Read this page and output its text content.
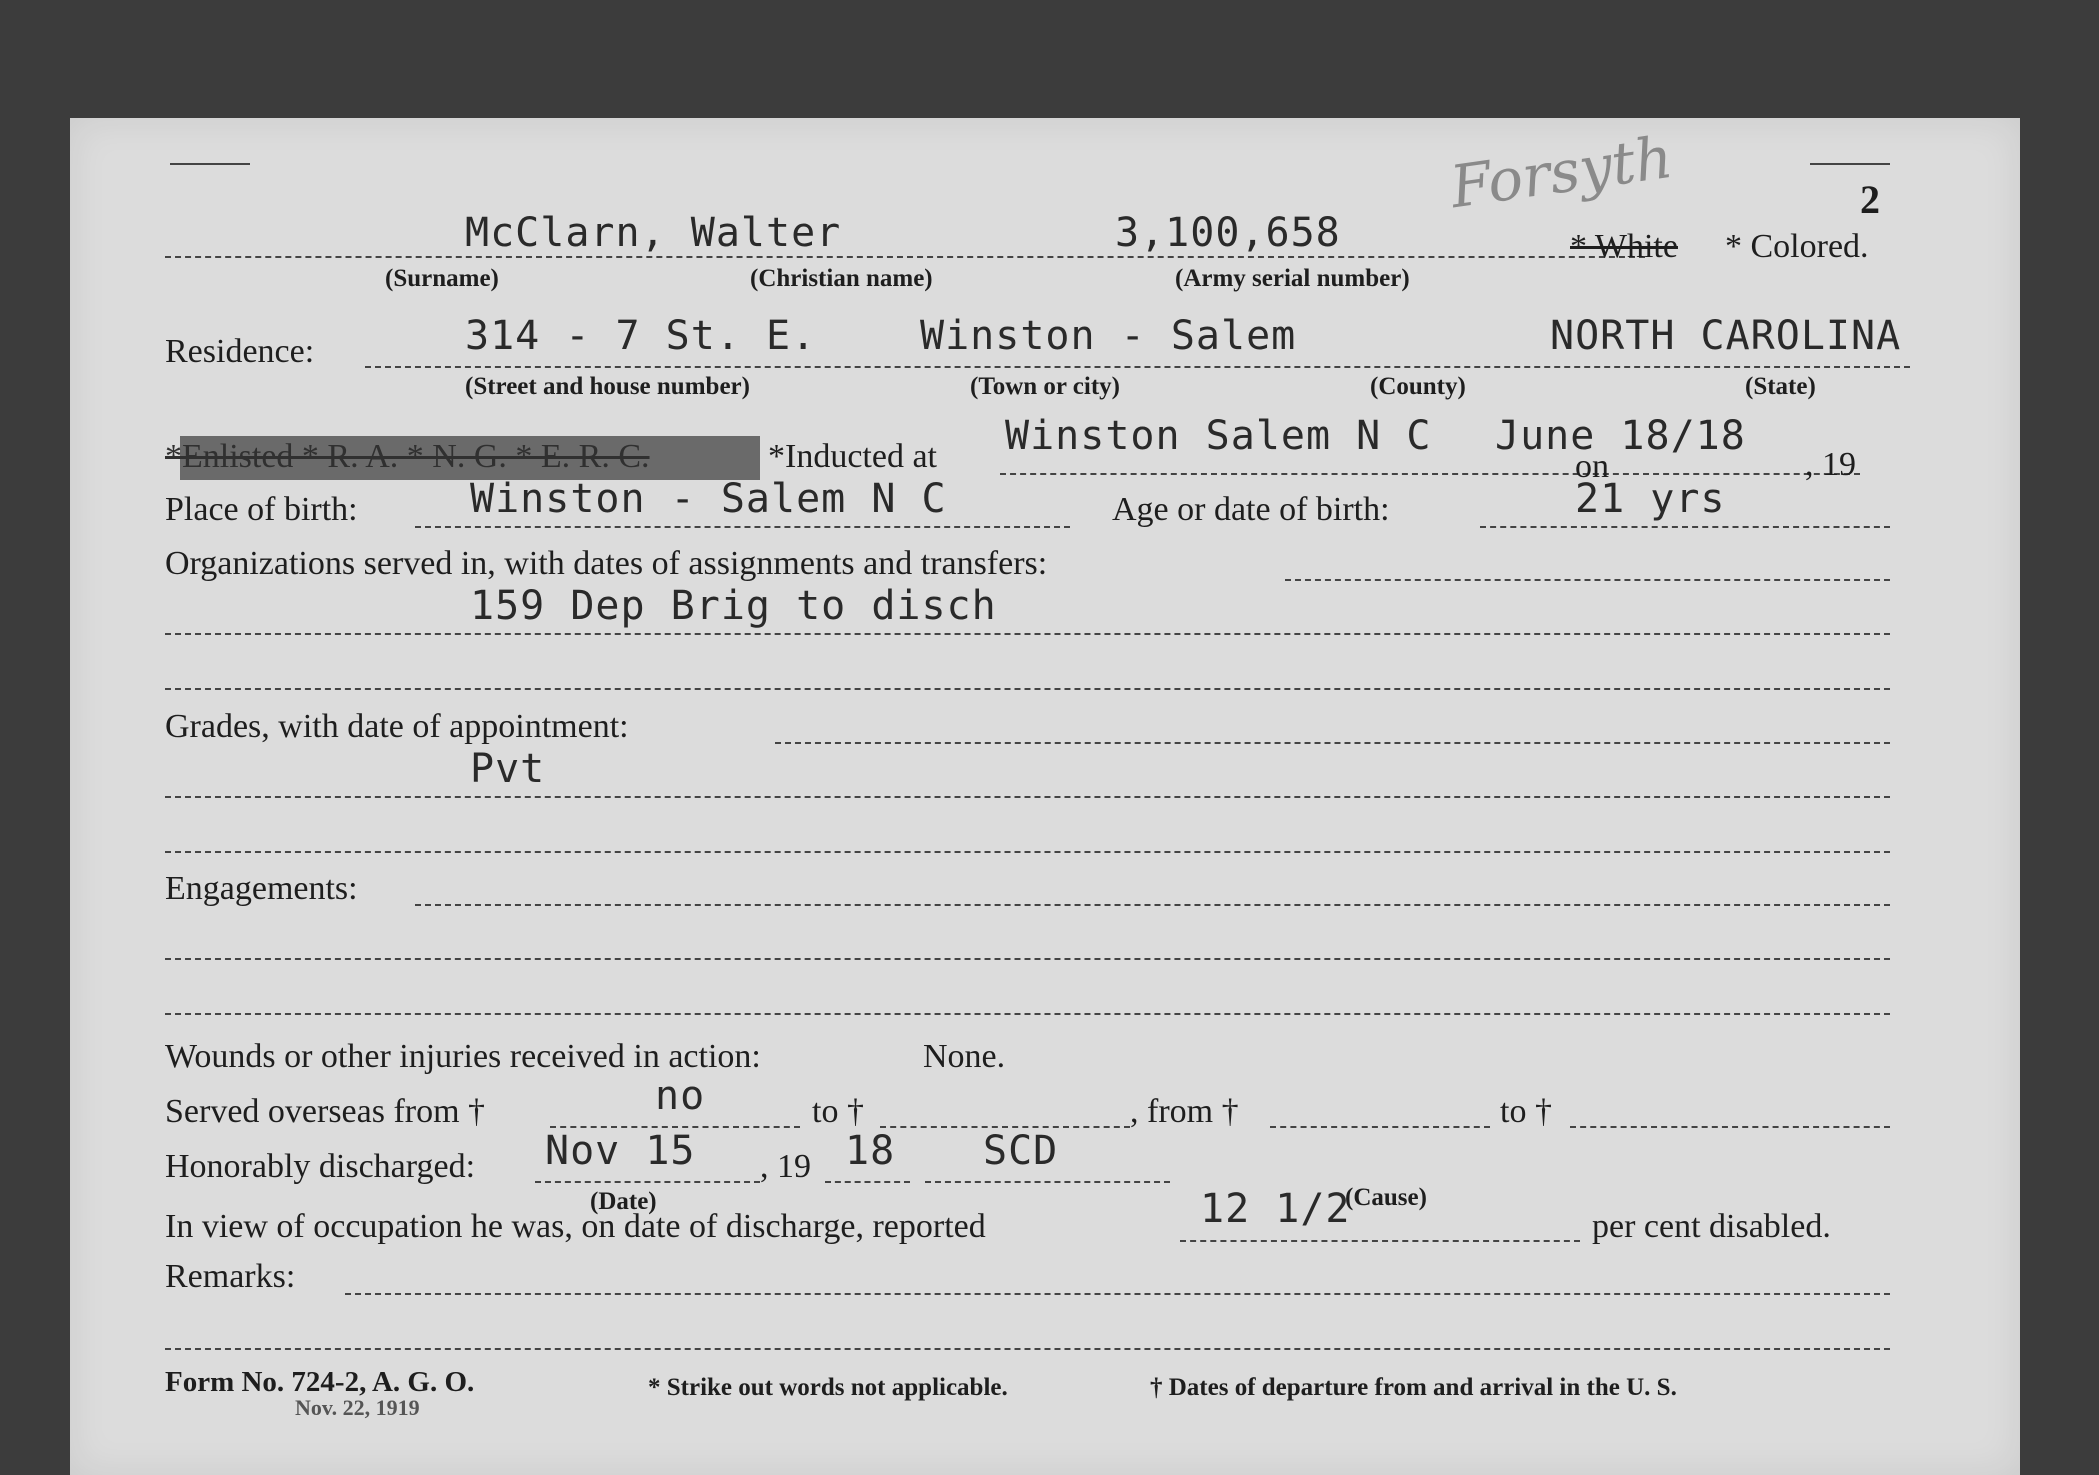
2
Forsyth
McClarn, Walter	3,100,658	* White * Colored.
(Surname)	(Christian name)	(Army serial number)
Residence:	314 - 7 St. E.	Winston - Salem	NORTH CAROLINA
(Street and house number)	(Town or city)	(County)	(State)
*Enlisted * R. A. * N. G. * E. R. C.	*Inducted at Winston Salem N C June 18/18
on	, 19
Place of birth:	Winston - Salem N C	Age or date of birth:	21 yrs
Organizations served in, with dates of assignments and transfers:
159 Dep Brig to disch
Grades, with date of appointment:
Pvt
Engagements:
Wounds or other injuries received in action:	None.
Served overseas from †	no	to †	, from †	to †
Honorably discharged: Nov 15 , 19 18 SCD
(Date)
In view of occupation he was, on date of discharge, reported	12 1/2
(Cause)
per cent disabled.
Remarks:
Form No. 724-2, A. G. O.
Nov. 22, 1919
* Strike out words not applicable.	† Dates of departure from and arrival in the U. S.
